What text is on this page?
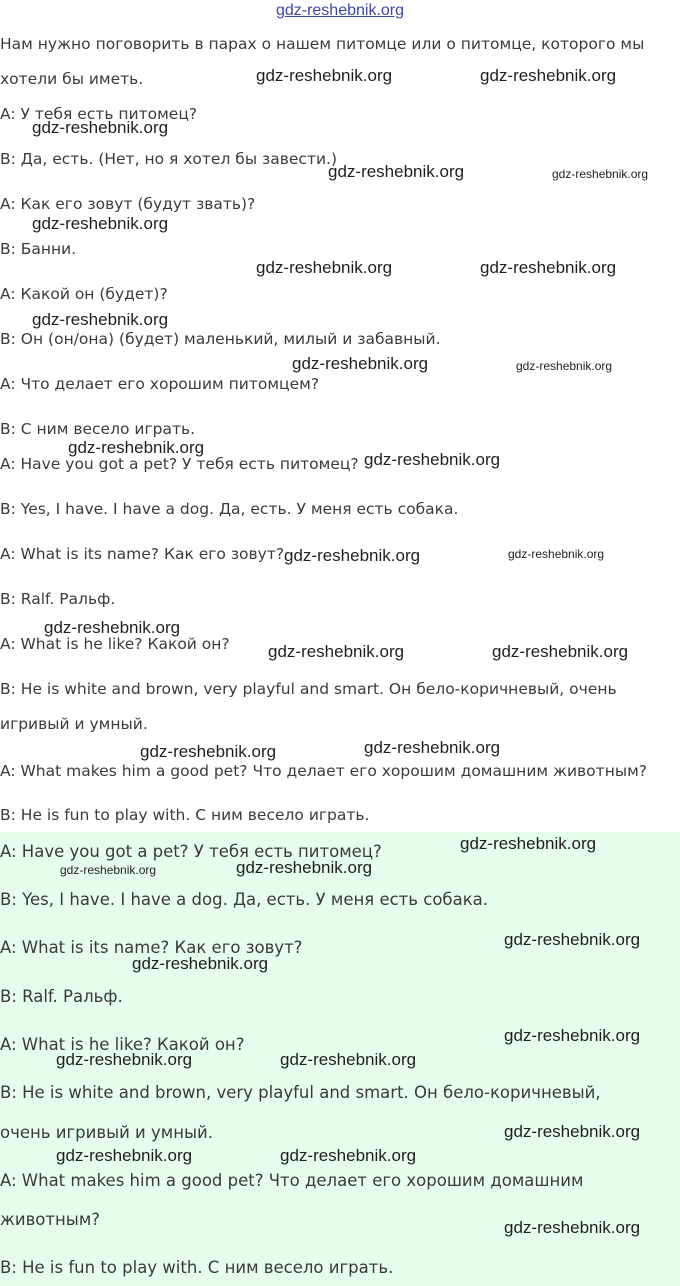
gdz-reshebnik.org
Нам нужно поговорить в парах о нашем питомце или о питомце, которого мы
хотели бы иметь.
A: У тебя есть питомец?
B: Да, есть. (Нет, но я хотел бы завести.)
A: Как его зовут (будут звать)?
B: Банни.
A: Какой он (будет)?
B: Он (он/она) (будет) маленький, милый и забавный.
A: Что делает его хорошим питомцем?
B: С ним весело играть.
A: Have you got a pet? У тебя есть питомец?
B: Yes, I have. I have a dog. Да, есть. У меня есть собака.
A: What is its name? Как его зовут?
B: Ralf. Ральф.
A: What is he like? Какой он?
B: He is white and brown, very playful and smart. Он бело-коричневый, очень
игривый и умный.
A: What makes him a good pet? Что делает его хорошим домашним животным?
B: He is fun to play with. С ним весело играть.
A: Have you got a pet? У тебя есть питомец?
B: Yes, I have. I have a dog. Да, есть. У меня есть собака.
A: What is its name? Как его зовут?
B: Ralf. Ральф.
A: What is he like? Какой он?
B: He is white and brown, very playful and smart. Он бело-коричневый,
очень игривый и умный.
A: What makes him a good pet? Что делает его хорошим домашним
животным?
B: He is fun to play with. С ним весело играть.
gdz-reshebnik.org	gdz-reshebnik.org
gdz-reshebnik.org
gdz-reshebnik.org	gdz-reshebnik.org
gdz-reshebnik.org
gdz-reshebnik.org	gdz-reshebnik.org
gdz-reshebnik.org
gdz-reshebnik.org	gdz-reshebnik.org
gdz-reshebnik.org
gdz-reshebnik.org
gdz-reshebnik.org	gdz-reshebnik.org
gdz-reshebnik.org
gdz-reshebnik.org	gdz-reshebnik.org
gdz-reshebnik.org	gdz-reshebnik.org
gdz-reshebnik.org
gdz-reshebnik.org	gdz-reshebnik.org
gdz-reshebnik.org
gdz-reshebnik.org
gdz-reshebnik.org
gdz-reshebnik.org	gdz-reshebnik.org
gdz-reshebnik.org
gdz-reshebnik.org	gdz-reshebnik.org
gdz-reshebnik.org
